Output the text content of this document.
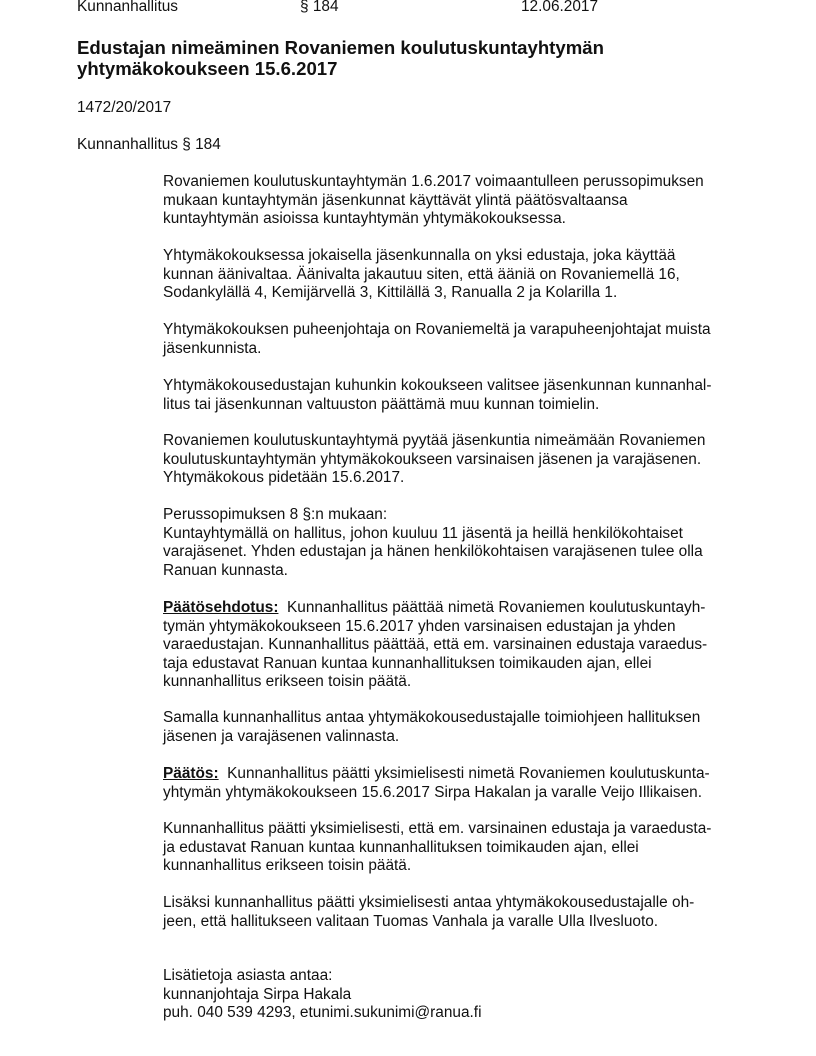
Kunnanhallitus	§ 184	12.06.2017
Edustajan nimeäminen Rovaniemen koulutuskuntayhtymän
yhtymäkokoukseen 15.6.2017
1472/20/2017
Kunnanhallitus § 184

Rovaniemen koulutuskuntayhtymän 1.6.2017 voimaantulleen perussopimuksen
mukaan kuntayhtymän jäsenkunnat käyttävät ylintä päätösvaltaansa
kuntayhtymän asioissa kuntayhtymän yhtymäkokouksessa.

Yhtymäkokouksessa jokaisella jäsenkunnalla on yksi edustaja, joka käyttää
kunnan äänivaltaa. Äänivalta jakautuu siten, että ääniä on Rovaniemellä 16,
Sodankylällä 4, Kemijärvellä 3, Kittilällä 3, Ranualla 2 ja Kolarilla 1.

Yhtymäkokouksen puheenjohtaja on Rovaniemeltä ja varapuheenjohtajat muista
jäsenkunnista.

Yhtymäkokousedustajan kuhunkin kokoukseen valitsee jäsenkunnan kunnanhal-
litus tai jäsenkunnan valtuuston päättämä muu kunnan toimielin.

Rovaniemen koulutuskuntayhtymä pyytää jäsenkuntia nimeämään Rovaniemen
koulutuskuntayhtymän yhtymäkokoukseen varsinaisen jäsenen ja varajäsenen.
Yhtymäkokous pidetään 15.6.2017.

Perussopimuksen 8 §:n mukaan:
Kuntayhtymällä on hallitus, johon kuuluu 11 jäsentä ja heillä henkilökohtaiset
varajäsenet. Yhden edustajan ja hänen henkilökohtaisen varajäsenen tulee olla
Ranuan kunnasta.

Päätösehdotus: Kunnanhallitus päättää nimetä Rovaniemen koulutuskuntayh-
tymän yhtymäkokoukseen 15.6.2017 yhden varsinaisen edustajan ja yhden
varaedustajan. Kunnanhallitus päättää, että em. varsinainen edustaja varaedus-
taja edustavat Ranuan kuntaa kunnanhallituksen toimikauden ajan, ellei
kunnanhallitus erikseen toisin päätä.

Samalla kunnanhallitus antaa yhtymäkokousedustajalle toimiohjeen hallituksen
jäsenen ja varajäsenen valinnasta.

Päätös: Kunnanhallitus päätti yksimielisesti nimetä Rovaniemen koulutuskunta-
yhtymän yhtymäkokoukseen 15.6.2017 Sirpa Hakalan ja varalle Veijo Illikaisen.

Kunnanhallitus päätti yksimielisesti, että em. varsinainen edustaja ja varaedusta-
ja edustavat Ranuan kuntaa kunnanhallituksen toimikauden ajan, ellei
kunnanhallitus erikseen toisin päätä.

Lisäksi kunnanhallitus päätti yksimielisesti antaa yhtymäkokousedustajalle oh-
jeen, että hallitukseen valitaan Tuomas Vanhala ja varalle Ulla Ilvesluoto.

Lisätietoja asiasta antaa:
kunnanjohtaja Sirpa Hakala
puh. 040 539 4293, etunimi.sukunimi@ranua.fi
